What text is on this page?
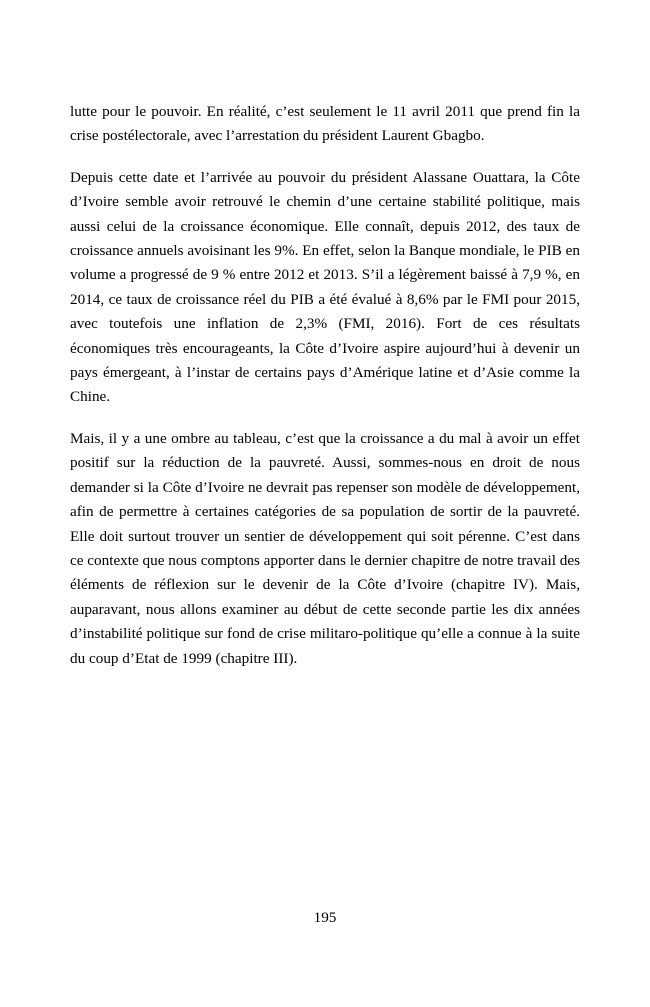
lutte pour le pouvoir. En réalité, c’est seulement le 11 avril 2011 que prend fin la crise postélectorale, avec l’arrestation du président Laurent Gbagbo.

Depuis cette date et l’arrivée au pouvoir du président Alassane Ouattara, la Côte d’Ivoire semble avoir retrouvé le chemin d’une certaine stabilité politique, mais aussi celui de la croissance économique. Elle connaît, depuis 2012, des taux de croissance annuels avoisinant les 9%. En effet, selon la Banque mondiale, le PIB en volume a progressé de 9 % entre 2012 et 2013. S’il a légèrement baissé à 7,9 %, en 2014, ce taux de croissance réel du PIB a été évalué à 8,6% par le FMI pour 2015, avec toutefois une inflation de 2,3% (FMI, 2016). Fort de ces résultats économiques très encourageants, la Côte d’Ivoire aspire aujourd’hui à devenir un pays émergeant, à l’instar de certains pays d’Amérique latine et d’Asie comme la Chine.

Mais, il y a une ombre au tableau, c’est que la croissance a du mal à avoir un effet positif sur la réduction de la pauvreté. Aussi, sommes-nous en droit de nous demander si la Côte d’Ivoire ne devrait pas repenser son modèle de développement, afin de permettre à certaines catégories de sa population de sortir de la pauvreté. Elle doit surtout trouver un sentier de développement qui soit pérenne. C’est dans ce contexte que nous comptons apporter dans le dernier chapitre de notre travail des éléments de réflexion sur le devenir de la Côte d’Ivoire (chapitre IV). Mais, auparavant, nous allons examiner au début de cette seconde partie les dix années d’instabilité politique sur fond de crise militaro-politique qu’elle a connue à la suite du coup d’Etat de 1999 (chapitre III).

195
